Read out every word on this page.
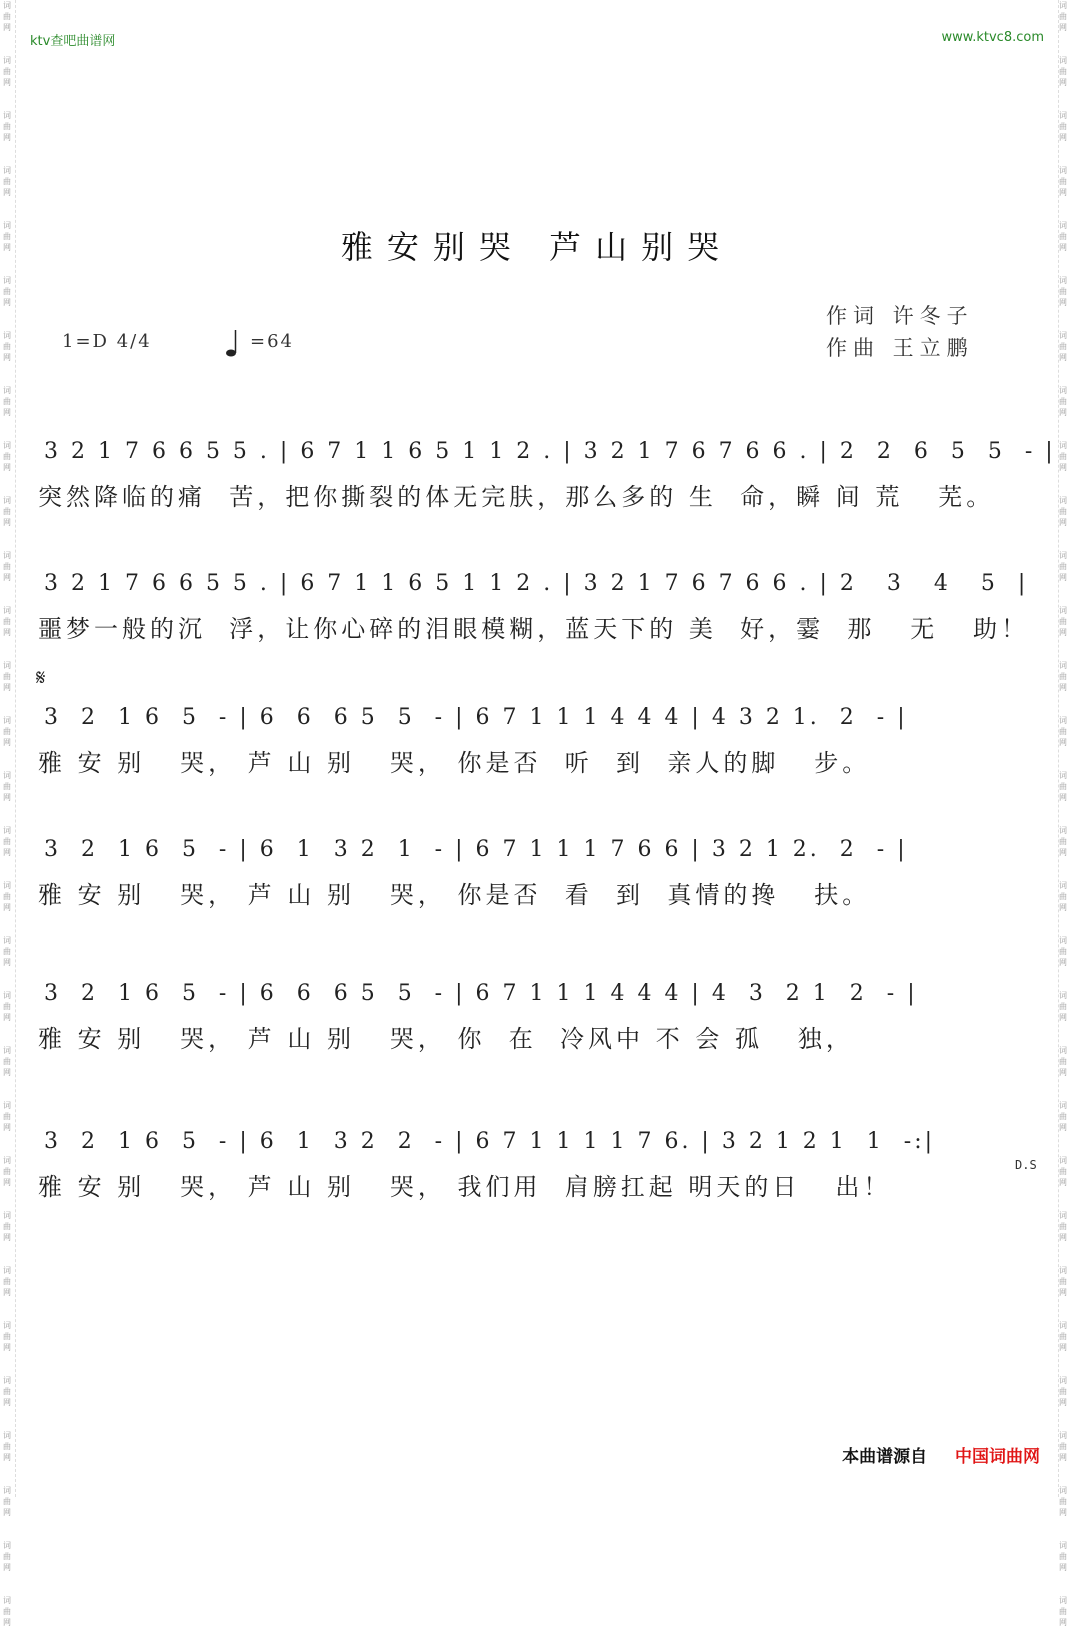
词
曲
网

词
曲
网

词
曲
网

词
曲
网

词
曲
网

词
曲
网

词
曲
网

词
曲
网

词
曲
网

词
曲
网

词
曲
网

词
曲
网

词
曲
网

词
曲
网

词
曲
网

词
曲
网

词
曲
网

词
曲
网

词
曲
网

词
曲
网

词
曲
网

词
曲
网

词
曲
网

词
曲
网

词
曲
网

词
曲
网

词
曲
网

词
曲
网

词
曲
网

词
曲
网

词
曲
网

词
曲
网

词
曲
网

词
曲
网

词
曲
网

词
曲
网

词
曲
网

词
曲
网

词
曲
网

词
曲
网

词
曲
网

词
曲
网

词
曲
网

词
曲
网

词
曲
网

词
曲
网

词
曲
网

词
曲
网

词
曲
网

词
曲
网

词
曲
网

词
曲
网

词
曲
网

词
曲
网

词
曲
网

词
曲
网

词
曲
网

词
曲
网

词
曲
网

词
曲
网

ktv查吧曲谱网	www.ktvc8.com
雅安别哭 芦山别哭
作词 许冬子
作曲 王立鹏
1=D 4/4	=64
𝄋
3 2 1 7 6 6 5 5 . | 6 7 1 1 6 5 1 1 2 . | 3 2 1 7 6 7 6 6 . | 2  2  6  5  5  - |
突然降临的痛  苦，把你撕裂的体无完肤，那么多的 生  命，瞬 间 荒   芜。
3 2 1 7 6 6 5 5 . | 6 7 1 1 6 5 1 1 2 . | 3 2 1 7 6 7 6 6 . | 2   3   4   5  |
噩梦一般的沉  浮，让你心碎的泪眼模糊，蓝天下的 美  好，霎  那   无   助！
3  2  1 6  5  - | 6  6  6 5  5  - | 6 7 1 1 1 4 4 4 | 4 3 2 1.  2  - |
雅 安 别   哭， 芦 山 别   哭， 你是否  听  到  亲人的脚   步。
3  2  1 6  5  - | 6  1  3 2  1  - | 6 7 1 1 1 7 6 6 | 3 2 1 2.  2  - |
雅 安 别   哭， 芦 山 别   哭， 你是否  看  到  真情的搀   扶。
3  2  1 6  5  - | 6  6  6 5  5  - | 6 7 1 1 1 4 4 4 | 4  3  2 1  2  - |
雅 安 别   哭， 芦 山 别   哭， 你  在  冷风中 不 会 孤   独，
3  2  1 6  5  - | 6  1  3 2  2  - | 6 7 1 1 1 1 7 6. | 3 2 1 2 1  1  -:|
雅 安 别   哭， 芦 山 别   哭， 我们用  肩膀扛起 明天的日   出！
D.S
本曲谱源自 中国词曲网
